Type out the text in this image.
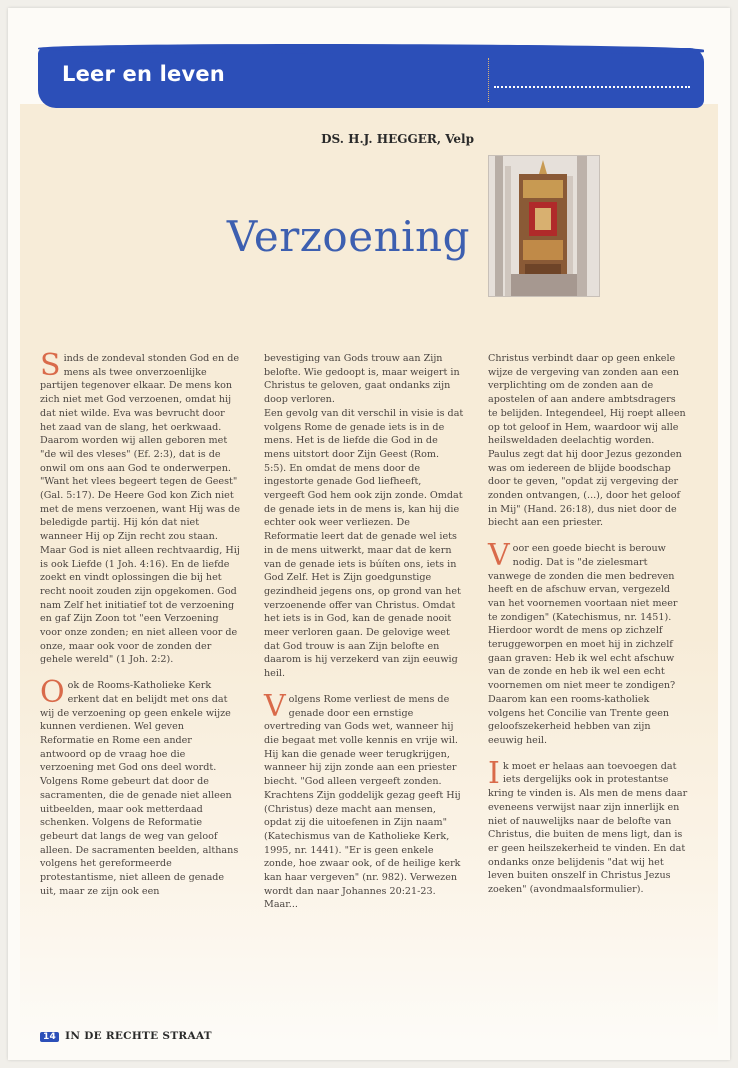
Leer en leven
DS. H.J. HEGGER, Velp
Verzoening

Sinds de zondeval stonden God en de mens als twee onverzoenlijke partijen tegenover elkaar. De mens kon zich niet met God verzoenen, omdat hij dat niet wilde. Eva was bevrucht door het zaad van de slang, het oerkwaad. Daarom worden wij allen geboren met "de wil des vleses" (Ef. 2:3), dat is de onwil om ons aan God te onderwerpen. "Want het vlees begeert tegen de Geest" (Gal. 5:17). De Heere God kon Zich niet met de mens verzoenen, want Hij was de beledigde partij. Hij kón dat niet wanneer Hij op Zijn recht zou staan. Maar God is niet alleen rechtvaardig, Hij is ook Liefde (1 Joh. 4:16). En de liefde zoekt en vindt oplossingen die bij het recht nooit zouden zijn opgekomen. God nam Zelf het initiatief tot de verzoening en gaf Zijn Zoon tot "een Verzoening voor onze zonden; en niet alleen voor de onze, maar ook voor de zonden der gehele wereld" (1 Joh. 2:2).

Ook de Rooms-Katholieke Kerk erkent dat en belijdt met ons dat wij de verzoening op geen enkele wijze kunnen verdienen. Wel geven Reformatie en Rome een ander antwoord op de vraag hoe die verzoening met God ons deel wordt. Volgens Rome gebeurt dat door de sacramenten, die de genade niet alleen uitbeelden, maar ook metterdaad schenken. Volgens de Reformatie gebeurt dat langs de weg van geloof alleen. De sacramenten beelden, althans volgens het gereformeerde protestantisme, niet alleen de genade uit, maar ze zijn ook een

bevestiging van Gods trouw aan Zijn belofte. Wie gedoopt is, maar weigert in Christus te geloven, gaat ondanks zijn doop verloren.

Een gevolg van dit verschil in visie is dat volgens Rome de genade iets is in de mens. Het is de liefde die God in de mens uitstort door Zijn Geest (Rom. 5:5). En omdat de mens door de ingestorte genade God liefheeft, vergeeft God hem ook zijn zonde. Omdat de genade iets in de mens is, kan hij die echter ook weer verliezen. De Reformatie leert dat de genade wel iets in de mens uitwerkt, maar dat de kern van de genade iets is búíten ons, iets in God Zelf. Het is Zijn goedgunstige gezindheid jegens ons, op grond van het verzoenende offer van Christus. Omdat het iets is in God, kan de genade nooit meer verloren gaan. De gelovige weet dat God trouw is aan Zijn belofte en daarom is hij verzekerd van zijn eeuwig heil.

Volgens Rome verliest de mens de genade door een ernstige overtreding van Gods wet, wanneer hij die begaat met volle kennis en vrije wil. Hij kan die genade weer terugkrijgen, wanneer hij zijn zonde aan een priester biecht. "God alleen vergeeft zonden. Krachtens Zijn goddelijk gezag geeft Hij (Christus) deze macht aan mensen, opdat zij die uitoefenen in Zijn naam" (Katechismus van de Katholieke Kerk, 1995, nr. 1441). "Er is geen enkele zonde, hoe zwaar ook, of de heilige kerk kan haar vergeven" (nr. 982). Verwezen wordt dan naar Johannes 20:21-23. Maar...

Christus verbindt daar op geen enkele wijze de vergeving van zonden aan een verplichting om de zonden aan de apostelen of aan andere ambtsdragers te belijden. Integendeel, Hij roept alleen op tot geloof in Hem, waardoor wij alle heilsweldaden deelachtig worden. Paulus zegt dat hij door Jezus gezonden was om iedereen de blijde boodschap door te geven, "opdat zij vergeving der zonden ontvangen, (...), door het geloof in Mij" (Hand. 26:18), dus niet door de biecht aan een priester.

Voor een goede biecht is berouw nodig. Dat is "de zielesmart vanwege de zonden die men bedreven heeft en de afschuw ervan, vergezeld van het voornemen voortaan niet meer te zondigen" (Katechismus, nr. 1451). Hierdoor wordt de mens op zichzelf teruggeworpen en moet hij in zichzelf gaan graven: Heb ik wel echt afschuw van de zonde en heb ik wel een echt voornemen om niet meer te zondigen? Daarom kan een rooms-katholiek volgens het Concilie van Trente geen geloofszekerheid hebben van zijn eeuwig heil.

Ik moet er helaas aan toevoegen dat iets dergelijks ook in protestantse kring te vinden is. Als men de mens daar eveneens verwijst naar zijn innerlijk en niet of nauwelijks naar de belofte van Christus, die buiten de mens ligt, dan is er geen heilszekerheid te vinden. En dat ondanks onze belijdenis "dat wij het leven buiten onszelf in Christus Jezus zoeken" (avondmaalsformulier).

14 IN DE RECHTE STRAAT
